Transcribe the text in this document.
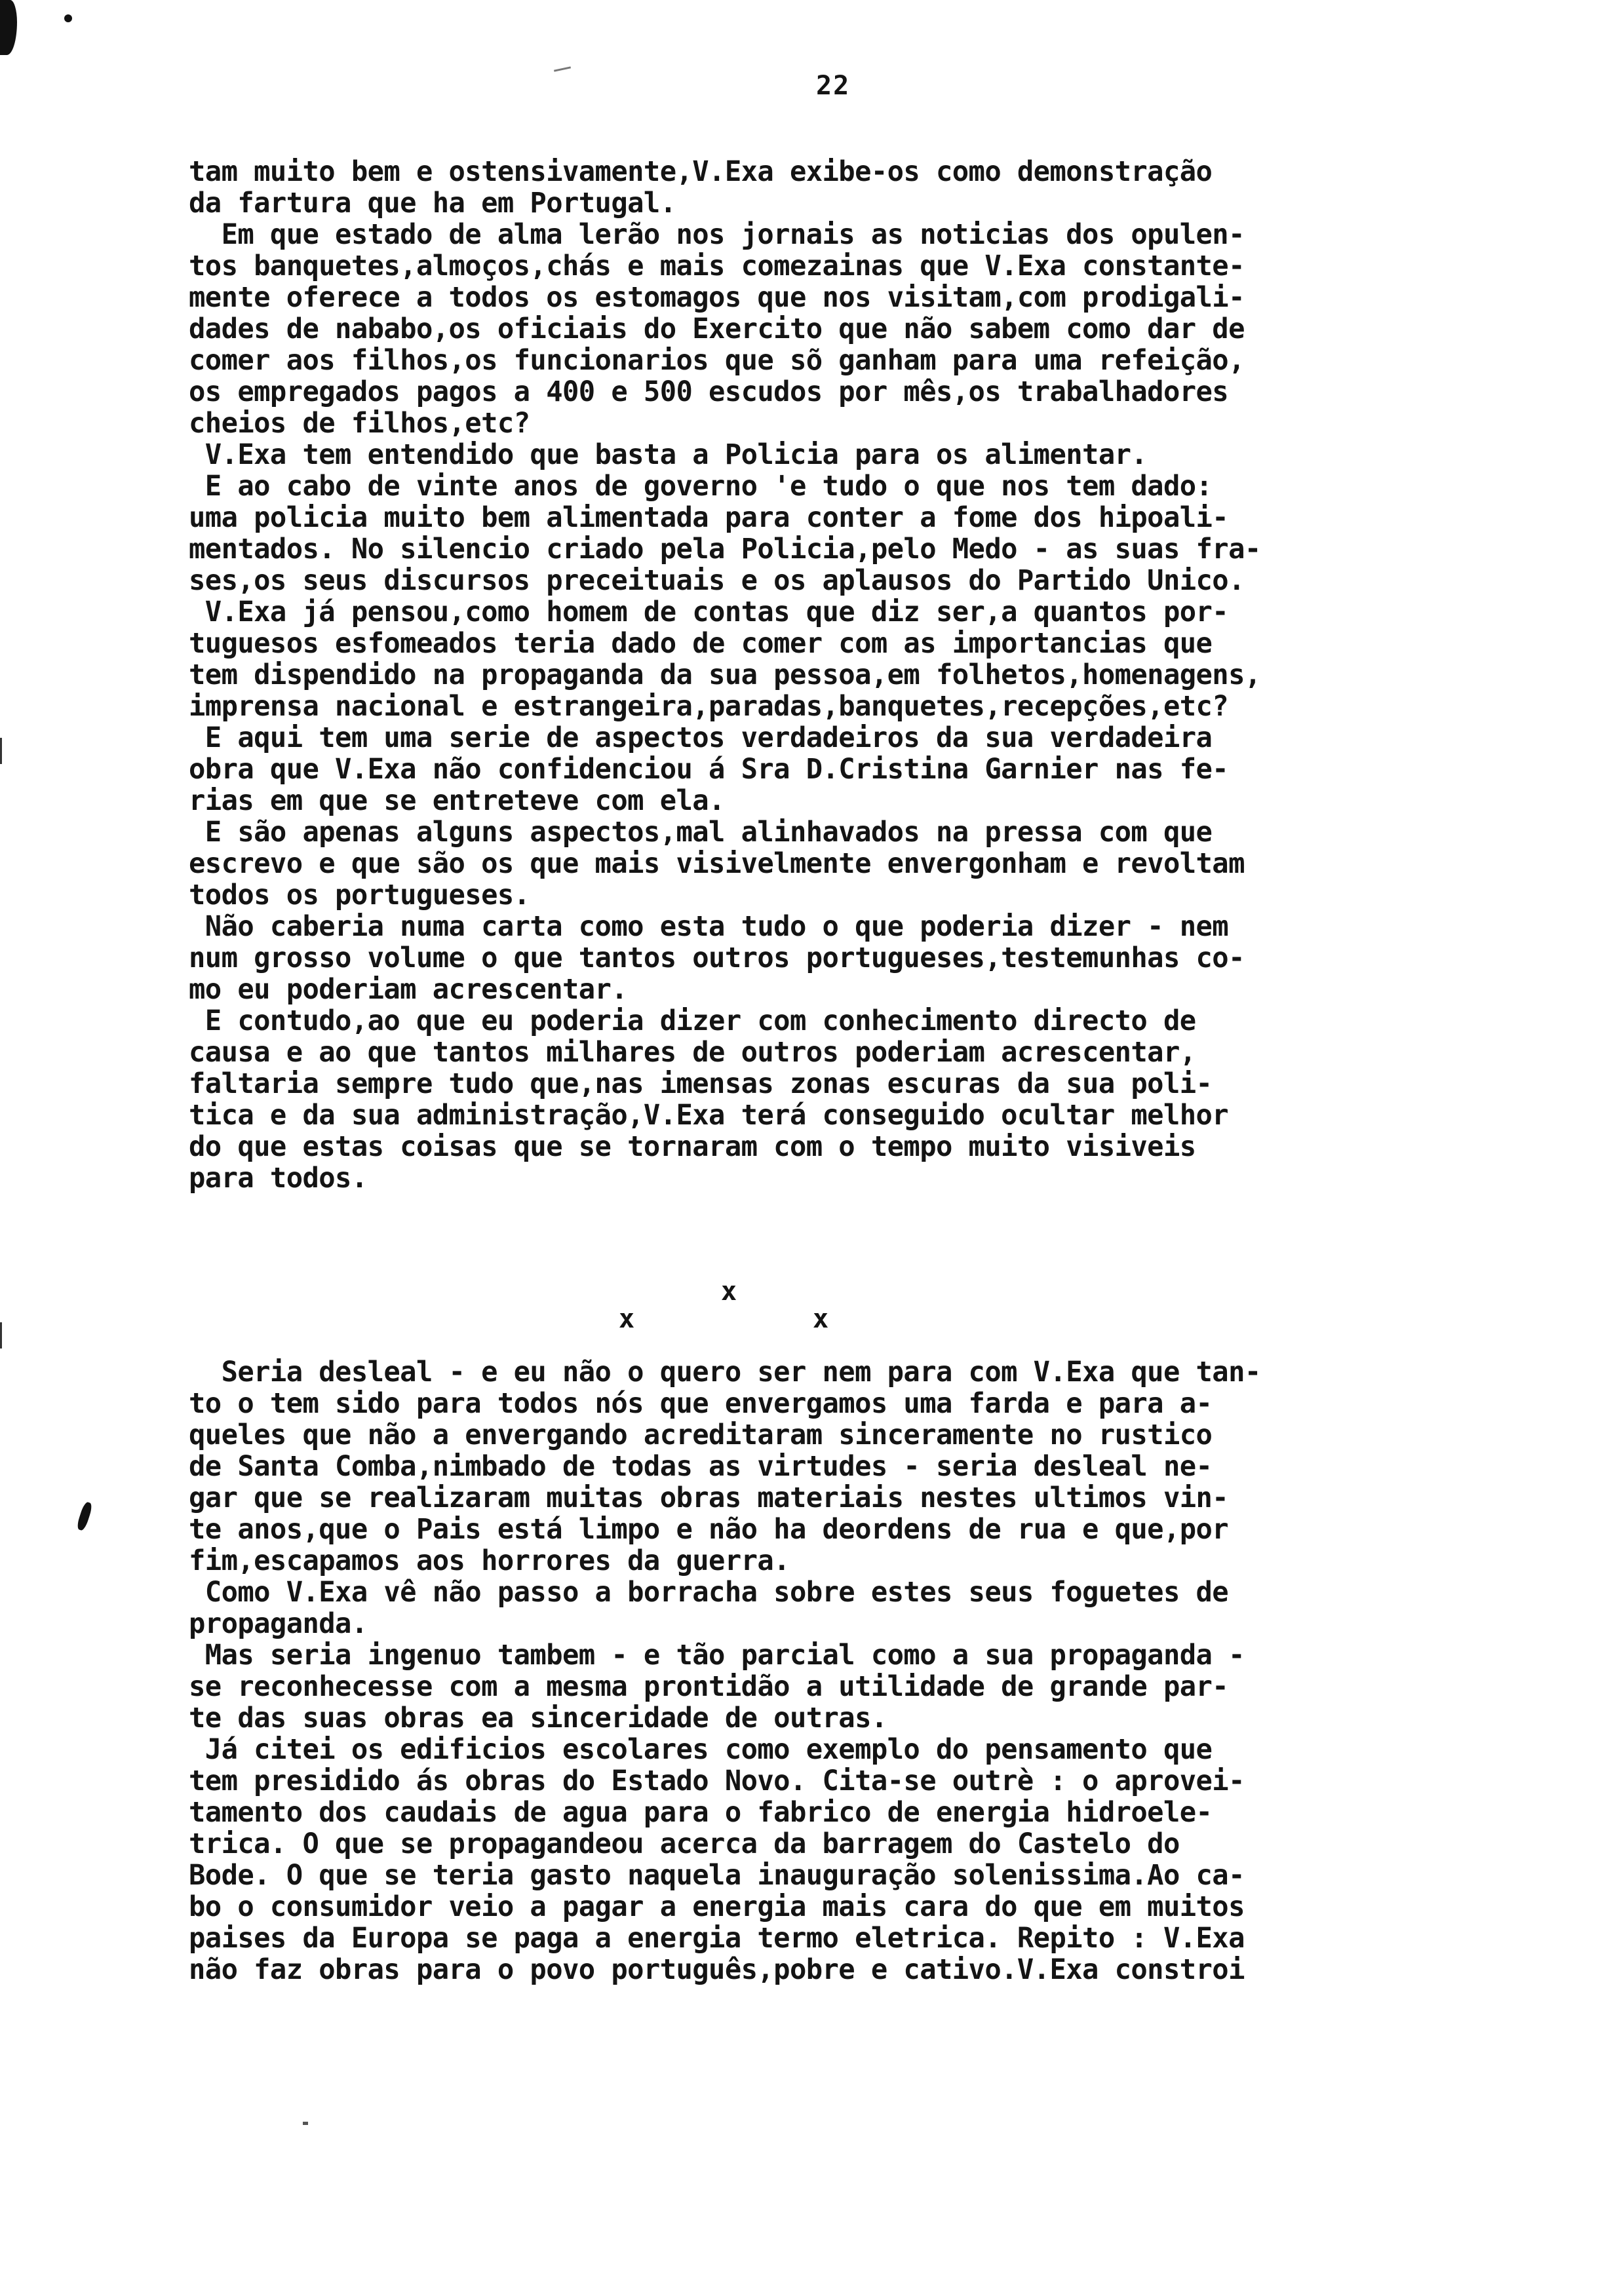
22
tam muito bem e ostensivamente,V.Exa exibe-os como demonstração
da fartura que ha em Portugal.
Em que estado de alma lerão nos jornais as noticias dos opulen-
tos banquetes,almoços,chás e mais comezainas que V.Exa constante-
mente oferece a todos os estomagos que nos visitam,com prodigali-
dades de nababo,os oficiais do Exercito que não sabem como dar de
comer aos filhos,os funcionarios que sõ ganham para uma refeição,
os empregados pagos a 400 e 500 escudos por mês,os trabalhadores
cheios de filhos,etc?
V.Exa tem entendido que basta a Policia para os alimentar.
E ao cabo de vinte anos de governo 'e tudo o que nos tem dado:
uma policia muito bem alimentada para conter a fome dos hipoali-
mentados. No silencio criado pela Policia,pelo Medo - as suas fra-
ses,os seus discursos preceituais e os aplausos do Partido Unico.
V.Exa já pensou,como homem de contas que diz ser,a quantos por-
tuguesos esfomeados teria dado de comer com as importancias que
tem dispendido na propaganda da sua pessoa,em folhetos,homenagens,
imprensa nacional e estrangeira,paradas,banquetes,recepções,etc?
E aqui tem uma serie de aspectos verdadeiros da sua verdadeira
obra que V.Exa não confidenciou á Sra D.Cristina Garnier nas fe-
rias em que se entreteve com ela.
E são apenas alguns aspectos,mal alinhavados na pressa com que
escrevo e que são os que mais visivelmente envergonham e revoltam
todos os portugueses.
Não caberia numa carta como esta tudo o que poderia dizer - nem
num grosso volume o que tantos outros portugueses,testemunhas co-
mo eu poderiam acrescentar.
E contudo,ao que eu poderia dizer com conhecimento directo de
causa e ao que tantos milhares de outros poderiam acrescentar,
faltaria sempre tudo que,nas imensas zonas escuras da sua poli-
tica e da sua administração,V.Exa terá conseguido ocultar melhor
do que estas coisas que se tornaram com o tempo muito visiveis
para todos.
x
x	x
Seria desleal - e eu não o quero ser nem para com V.Exa que tan-
to o tem sido para todos nós que envergamos uma farda e para a-
queles que não a envergando acreditaram sinceramente no rustico
de Santa Comba,nimbado de todas as virtudes - seria desleal ne-
gar que se realizaram muitas obras materiais nestes ultimos vin-
te anos,que o Pais está limpo e não ha deordens de rua e que,por
fim,escapamos aos horrores da guerra.
Como V.Exa vê não passo a borracha sobre estes seus foguetes de
propaganda.
Mas seria ingenuo tambem - e tão parcial como a sua propaganda -
se reconhecesse com a mesma prontidão a utilidade de grande par-
te das suas obras ea sinceridade de outras.
Já citei os edificios escolares como exemplo do pensamento que
tem presidido ás obras do Estado Novo. Cita-se outrè : o aprovei-
tamento dos caudais de agua para o fabrico de energia hidroele-
trica. O que se propagandeou acerca da barragem do Castelo do
Bode. O que se teria gasto naquela inauguração solenissima.Ao ca-
bo o consumidor veio a pagar a energia mais cara do que em muitos
paises da Europa se paga a energia termo eletrica. Repito : V.Exa
não faz obras para o povo português,pobre e cativo.V.Exa constroi
